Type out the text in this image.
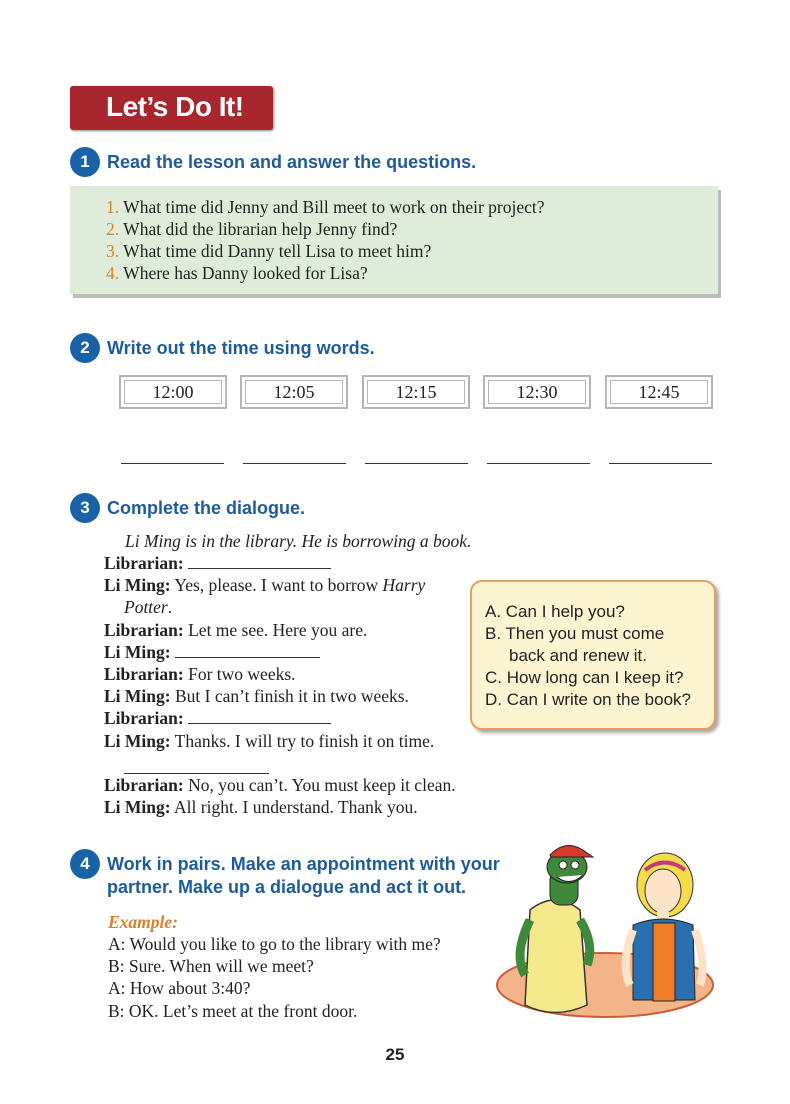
Let’s Do It!
1 Read the lesson and answer the questions.
1. What time did Jenny and Bill meet to work on their project?
2. What did the librarian help Jenny find?
3. What time did Danny tell Lisa to meet him?
4. Where has Danny looked for Lisa?
2 Write out the time using words.
12:00	12:05	12:15	12:30	12:45
3 Complete the dialogue.
Li Ming is in the library. He is borrowing a book.
Librarian:
Li Ming: Yes, please. I want to borrow Harry
Potter.
Librarian: Let me see. Here you are.
Li Ming:
Librarian: For two weeks.
Li Ming: But I can’t finish it in two weeks.
Librarian:
Li Ming: Thanks. I will try to finish it on time.
Librarian: No, you can’t. You must keep it clean.
Li Ming: All right. I understand. Thank you.
A. Can I help you?
B. Then you must come
back and renew it.
C. How long can I keep it?
D. Can I write on the book?
4 Work in pairs. Make an appointment with your
partner. Make up a dialogue and act it out.
Example:
A: Would you like to go to the library with me?
B: Sure. When will we meet?
A: How about 3:40?
B: OK. Let’s meet at the front door.
25
